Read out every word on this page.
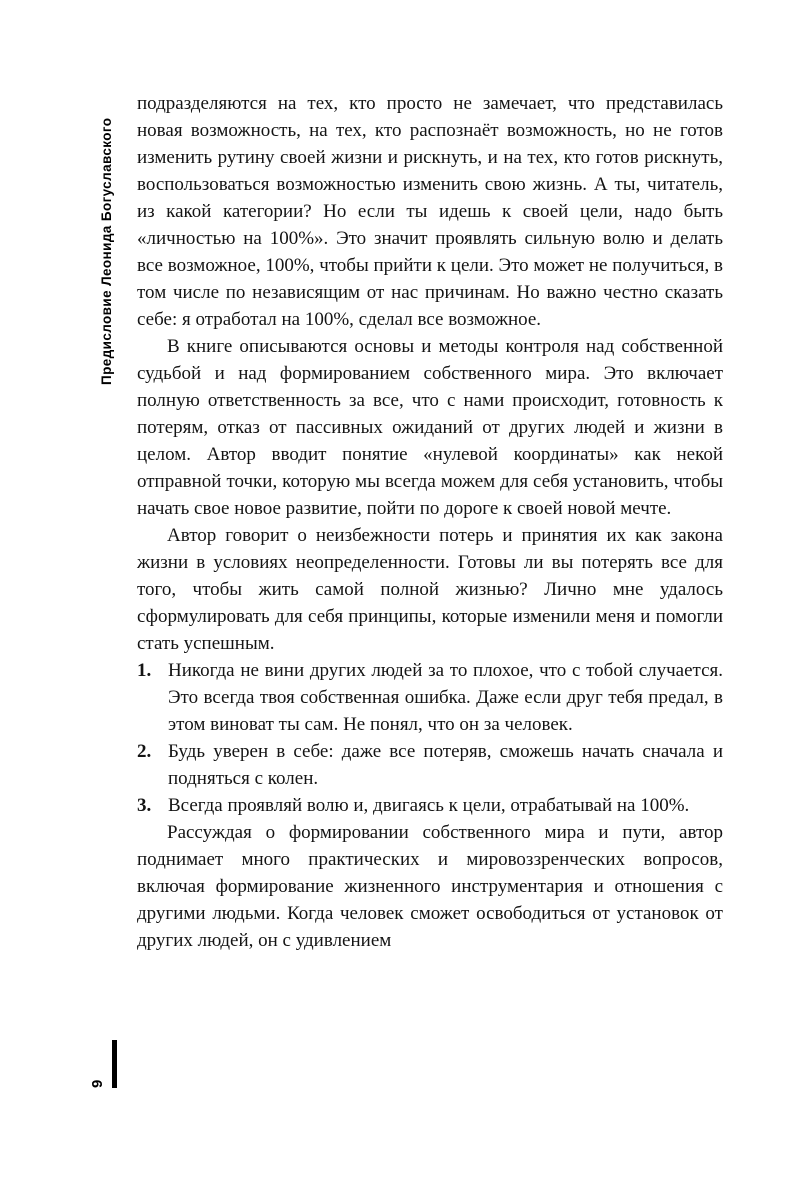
Предисловие Леонида Богуславского

подразделяются на тех, кто просто не замечает, что представилась новая возможность, на тех, кто распознаёт возможность, но не готов изменить рутину своей жизни и рискнуть, и на тех, кто готов рискнуть, воспользоваться возможностью изменить свою жизнь. А ты, читатель, из какой категории? Но если ты идешь к своей цели, надо быть «личностью на 100%». Это значит проявлять сильную волю и делать все возможное, 100%, чтобы прийти к цели. Это может не получиться, в том числе по независящим от нас причинам. Но важно честно сказать себе: я отработал на 100%, сделал все возможное.

В книге описываются основы и методы контроля над собственной судьбой и над формированием собственного мира. Это включает полную ответственность за все, что с нами происходит, готовность к потерям, отказ от пассивных ожиданий от других людей и жизни в целом. Автор вводит понятие «нулевой координаты» как некой отправной точки, которую мы всегда можем для себя установить, чтобы начать свое новое развитие, пойти по дороге к своей новой мечте.

Автор говорит о неизбежности потерь и принятия их как закона жизни в условиях неопределенности. Готовы ли вы потерять все для того, чтобы жить самой полной жизнью? Лично мне удалось сформулировать для себя принципы, которые изменили меня и помогли стать успешным.

1. Никогда не вини других людей за то плохое, что с тобой случается. Это всегда твоя собственная ошибка. Даже если друг тебя предал, в этом виноват ты сам. Не понял, что он за человек.
2. Будь уверен в себе: даже все потеряв, сможешь начать сначала и подняться с колен.
3. Всегда проявляй волю и, двигаясь к цели, отрабатывай на 100%.

Рассуждая о формировании собственного мира и пути, автор поднимает много практических и мировоззренческих вопросов, включая формирование жизненного инструментария и отношения с другими людьми. Когда человек сможет освободиться от установок от других людей, он с удивлением

9
